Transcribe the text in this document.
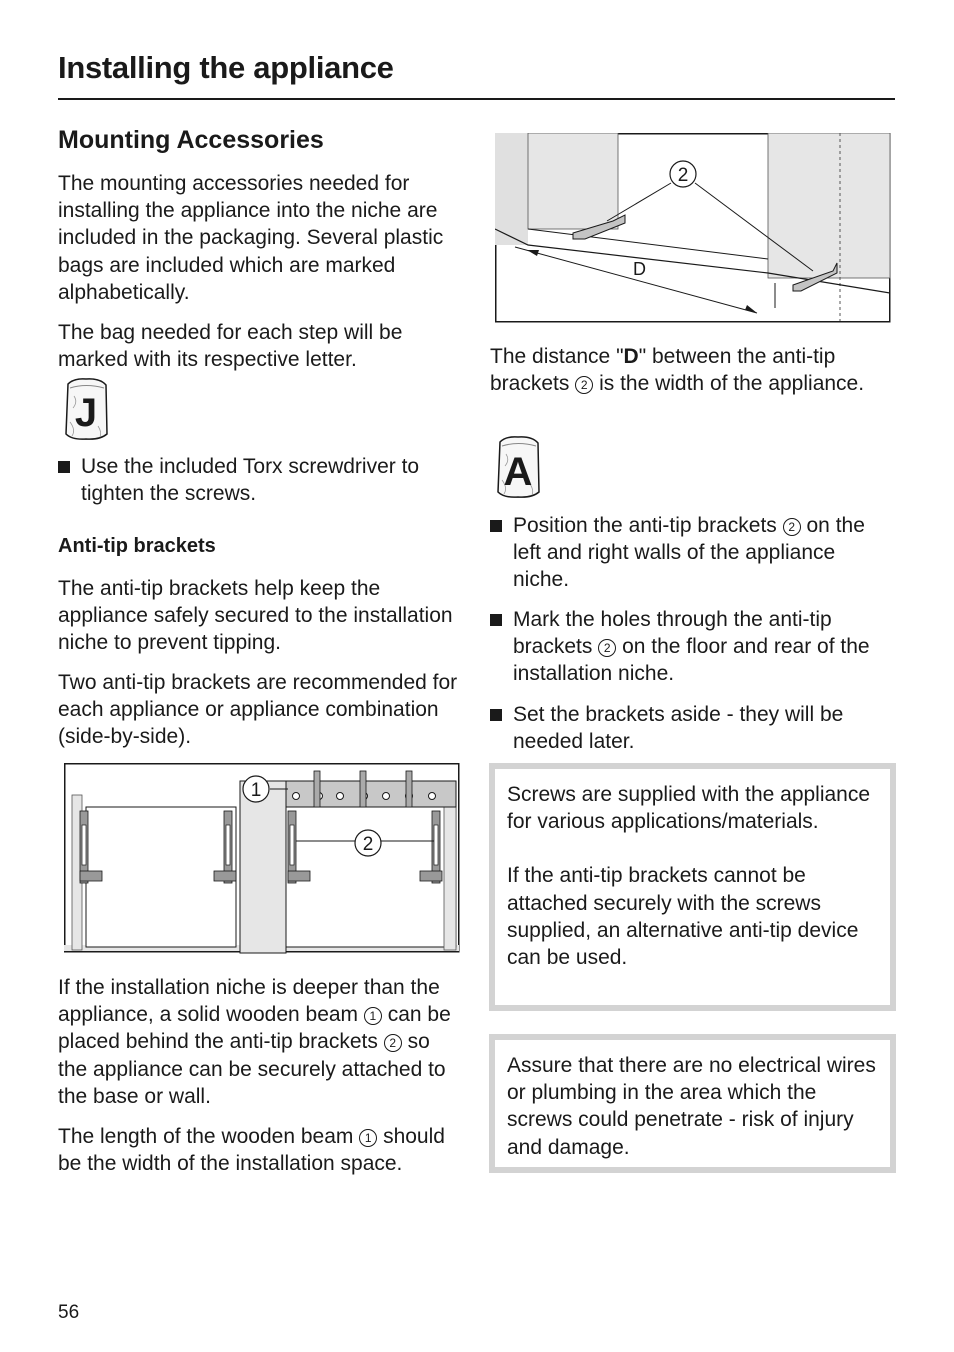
Installing the appliance
Mounting Accessories
The mounting accessories needed for installing the appliance into the niche are included in the packaging. Several plastic bags are included which are marked alphabetically.
The bag needed for each step will be marked with its respective letter.
J
Use the included Torx screwdriver to tighten the screws.
Anti-tip brackets
The anti-tip brackets help keep the appliance safely secured to the installation niche to prevent tipping.
Two anti-tip brackets are recommended for each appliance or appliance combination (side-by-side).
1
2
If the installation niche is deeper than the appliance, a solid wooden beam 1 can be placed behind the anti-tip brackets 2 so the appliance can be securely attached to the base or wall.
The length of the wooden beam 1 should be the width of the installation space.
D
2
The distance "D" between the anti-tip brackets 2 is the width of the appliance.
A
Position the anti-tip brackets 2 on the left and right walls of the appliance niche.
Mark the holes through the anti-tip brackets 2 on the floor and rear of the installation niche.
Set the brackets aside - they will be needed later.
Screws are supplied with the appliance for various applications/materials.
If the anti-tip brackets cannot be attached securely with the screws supplied, an alternative anti-tip device can be used.
Assure that there are no electrical wires or plumbing in the area which the screws could penetrate - risk of injury and damage.
56
